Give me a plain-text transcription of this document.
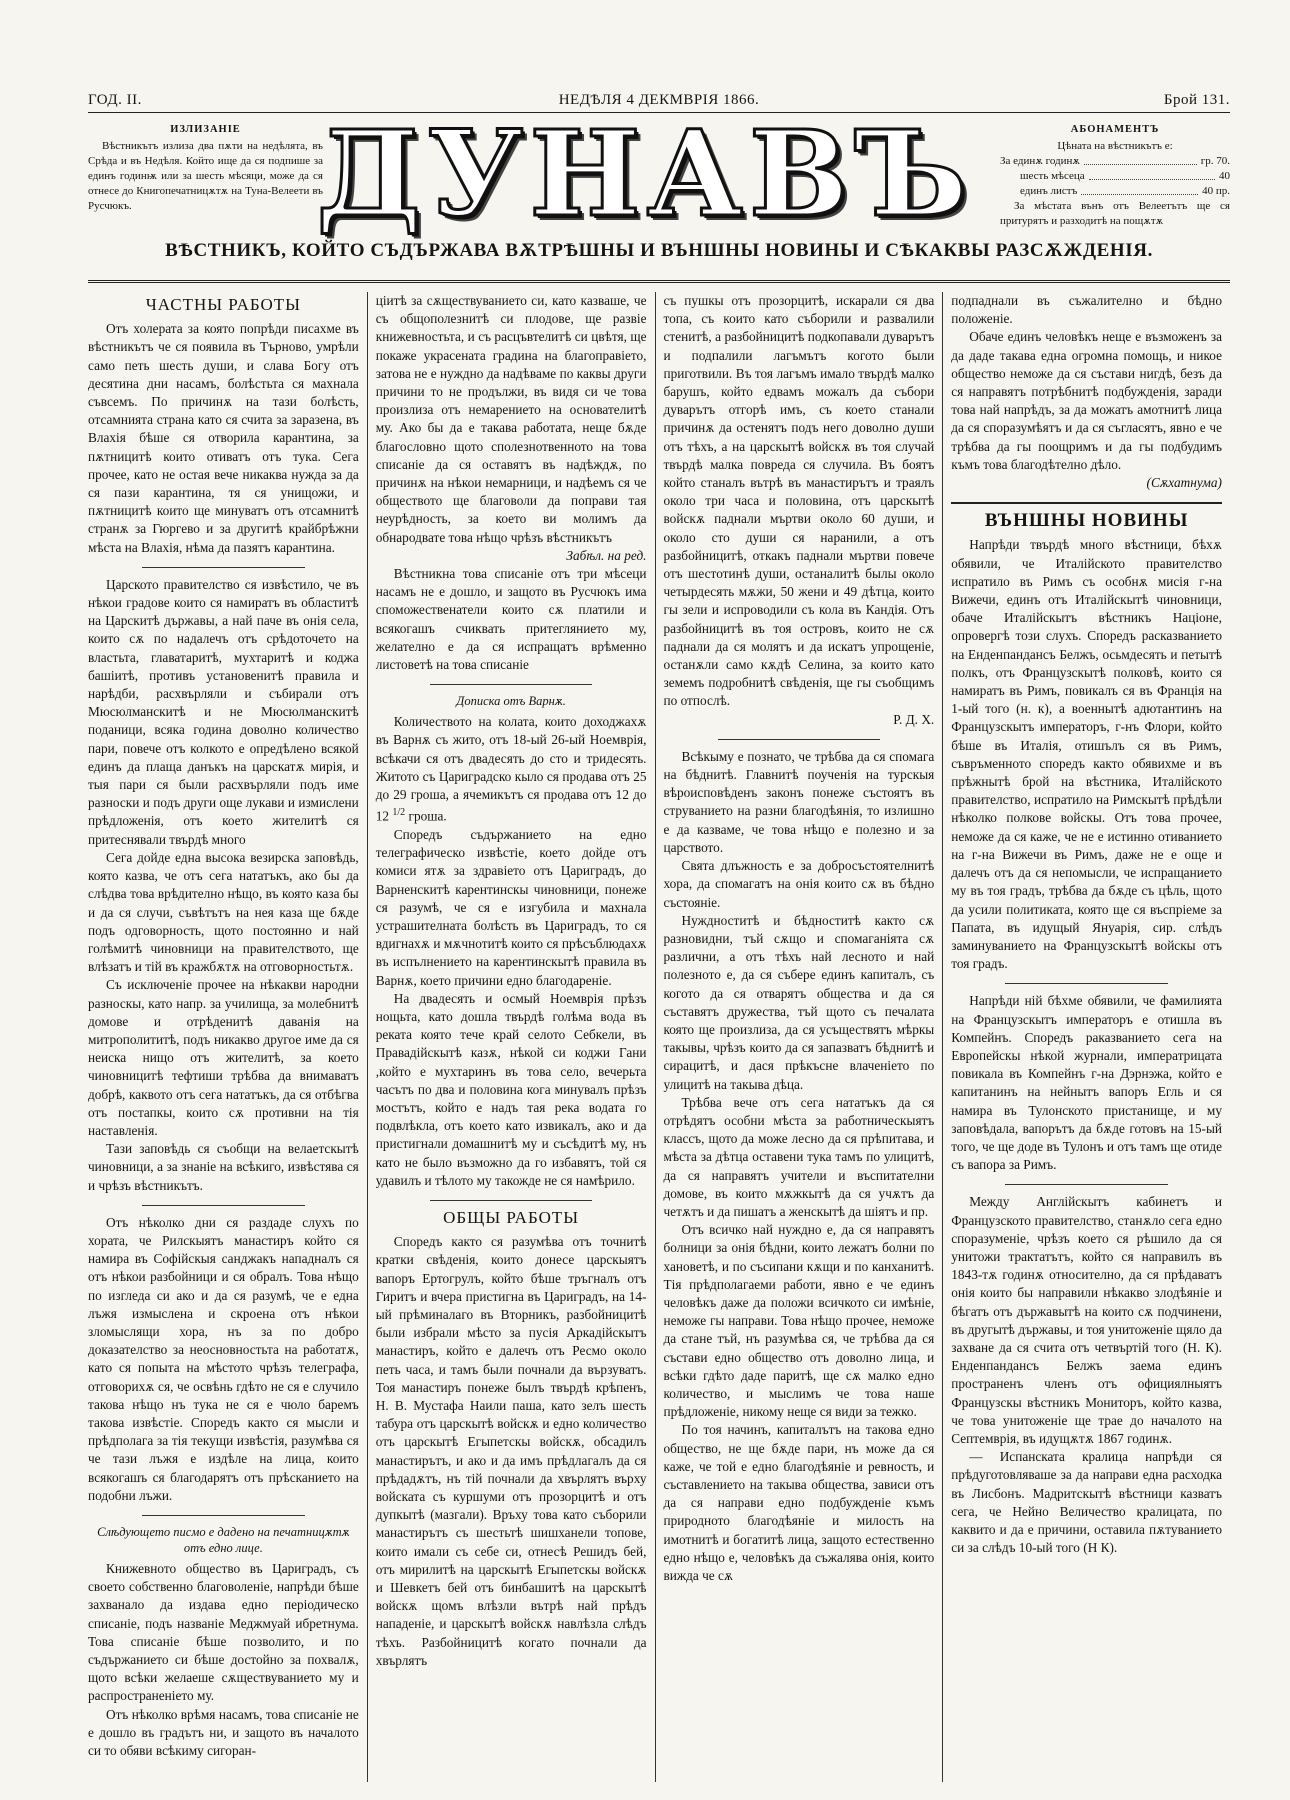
ГОД. II.	НЕДѢЛЯ 4 ДЕКМВРІЯ 1866.	Брой 131.
ИЗЛИЗАНІЕ
Вѣстникътъ излиза два пѫти на недѣлята, въ Срѣда и въ Недѣля. Който ище да ся подпише за единъ годинѭ или за шесть мѣсяци, може да ся отнесе до Книгопечатницѫтѫ на Туна-Велеети въ Русчюкъ.	ДУНАВЪ	АБОНАМЕНТЪ
Цѣната на вѣстникътъ е:
За единѫ годинѫ	гр. 70.
шесть мѣсеца	40
единъ листъ	40 пр.
За мѣстата вънъ отъ Велеетътъ ще ся притурятъ и разходитѣ на пощѫтѫ
ВѢСТНИКЪ, КОЙТО СЪДЪРЖАВА ВѪТРѢШНЫ И ВЪНШНЫ НОВИНЫ И СѢКАКВЫ РАЗСѪЖДЕНІЯ.
ЧАСТНЫ РАБОТЫ

Отъ холерата за която попрѣди писахме въ вѣстникътъ че ся появила въ Търново, умрѣли само петь шесть души, и слава Богу отъ десятина дни насамъ, болѣстьта ся махнала съвсемъ. По причинѫ на тази болѣсть, отсамнията страна като ся счита за заразена, въ Влахія бѣше ся отворила карантина, за пѫтницитѣ които отиватъ отъ тука. Сега прочее, като не остая вече никаква нужда за да ся пази карантина, тя ся унищожи, и пѫтницитѣ които ще минуватъ отъ отсамнитѣ странѫ за Гюргево и за другитѣ крайбрѣжни мѣста на Влахія, нѣма да пазятъ карантина.

Царското правителство ся извѣстило, че въ нѣкои градове които ся намиратъ въ областитѣ на Царскитѣ държавы, а най паче въ онія села, които сѫ по надалечъ отъ срѣдоточето на властьта, главатаритѣ, мухтаритѣ и коджа башіитѣ, противъ установенитѣ правила и нарѣдби, расхвърляли и събирали отъ Мюсюлманскитѣ и не Мюсюлманскитѣ поданици, всяка година доволно количество пари, повече отъ колкото е опредѣлено всякой единъ да плаща данъкъ на царскатѫ мирія, и тыя пари ся были расхвърляли подъ име разноски и подъ други още лукави и измислени прѣдложенія, отъ което жителитѣ ся притеснявали твърдѣ много

Сега дойде една высока везирска заповѣдь, която казва, че отъ сега нататъкъ, ако бы да слѣдва това врѣдително нѣщо, въ която каза бы и да ся случи, съвѣтътъ на нея каза ще бѫде подъ одговорность, щото постоянно и най голѣмитѣ чиновници на правителството, ще влѣзатъ и тій въ кражбѫтѫ на отговорностьтѫ.

Съ исключеніе прочее на нѣкакви народни разноскы, като напр. за училища, за молебнитѣ домове и отрѣденитѣ даванія на митрополититѣ, подъ никакво другое име да ся неиска нищо отъ жителитѣ, за което чиновницитѣ тефтиши трѣбва да внимаватъ добрѣ, каквото отъ сега нататъкъ, да ся отбѣгва отъ постапкы, които сѫ противни на тія наставленія.

Тази заповѣдь ся съобщи на велаетскытѣ чиновници, а за знаніе на всѣкиго, извѣстява ся и чрѣзъ вѣстникътъ.

Отъ нѣколко дни ся раздаде слухъ по хората, че Рилскыятъ манастиръ който ся намира въ Софійскыя санджакъ нападналъ ся отъ нѣкои разбойници и ся обралъ. Това нѣщо по изгледа си ако и да ся разумѣ, че е една лъжя измыслена и скроена отъ нѣкои зломыслящи хора, нъ за по добро доказателство за неосновностьта на работатѫ, като ся попыта на мѣстото чрѣзъ телеграфа, отговорихѫ ся, че освѣнь гдѣто не ся е случило такова нѣщо нъ тука не ся е чюло баремъ такова извѣстіе. Споредъ както ся мысли и прѣдполага за тія текущи извѣстія, разумѣва ся че тази лъжя е издѣле на лица, които всякогашъ ся благодарятъ отъ прѣсканието на подобни лъжи.

Слѣдующето писмо е дадено на печатницѫтѫ отъ едно лице.

Книжевното общество въ Цариградъ, съ своето собственно благоволеніе, напрѣди бѣше захванало да издава едно періодическо списаніе, подъ названіе Меджмуай ибретнума. Това списаніе бѣше позволито, и по съдържанието си бѣше достойно за похвалѫ, щото всѣки желаеше сѫществуванието му и распространеніето му.

Отъ нѣколко врѣмя насамъ, това списаніе не е дошло въ градътъ ни, и защото въ началото си то обяви всѣкиму сигоран-

цiитѣ за сѫществуванието си, като казваше, че съ общополезнитѣ си плодове, ще развіе книжевностьта, и съ расцъвтелитѣ си цвѣтя, ще покаже украсената градина на благоправіето, затова не е нуждно да надѣваме по каквы други причини то не продължи, въ видя си че това произлиза отъ немарението на основателитѣ му. Ако бы да е такава работата, неще бѫде благословно щото сполезнотвенното на това списаніе да ся оставятъ въ надѣждѫ, по причинѫ на нѣкои немарници, и надѣемъ ся че обществото ще благоволи да поправи тая неурѣдность, за което ви молимъ да обнародвате това нѣщо чрѣзъ вѣстникътъ

Забѣл. на ред.

Вѣстникна това списаніе отъ три мѣсеци насамъ не е дошло, и защото въ Русчюкъ има споможественатели които сѫ платили и всякогашъ счиквать притеглянието му, желателно е да ся испращатъ врѣменно листоветѣ на това списаніе

Дописка отъ Варнѫ.

Количеството на колата, които доходжахѫ въ Варнѫ съ жито, отъ 18-ый 26-ый Ноемврія, всѣкачи ся отъ двадесять до сто и тридесять. Житото съ Цариградско кыло ся продава отъ 25 до 29 гроша, а ячемикътъ ся продава отъ 12 до 12 $^{1/2}$ гроша.

Споредъ съдържанието на едно телеграфическо извѣстіе, което дойде отъ комиси ятѫ за здравіето отъ Цариградъ, до Варненскитѣ карентинскы чиновници, понеже ся разумѣ, че ся е изгубила и махнала устрашителната болѣсть въ Цариградъ, то ся вдигнахѫ и мѫчнотитѣ които ся прѣсъблюдахѫ въ испълнението на карентинскытѣ правила въ Варнѫ, което причини едно благодареніе.

На двадесять и осмый Ноемврія прѣзъ нощьта, като дошла твърдѣ голѣма вода въ реката която тече край селото Себкели, въ Правадійскытѣ казѫ, нѣкой си коджи Гани ,който е мухтаринъ въ това село, вечерьта часътъ по два и половина кога минувалъ прѣзъ мостътъ, който е надъ тая река водата го подвлѣкла, отъ което като извикалъ, ако и да пристигнали домашнитѣ му и съсѣдитѣ му, нъ като не было възможно да го избавятъ, той ся удавилъ и тѣлото му такожде не ся намѣрило.

ОБЩЫ РАБОТЫ

Споредъ както ся разумѣва отъ точнитѣ кратки свѣденія, които донесе царскыятъ вапоръ Ертогрулъ, който бѣше тръгналъ отъ Гиритъ и вчера пристигна въ Цариградъ, на 14-ый прѣминалаго въ Вторникъ, разбойницитѣ были избрали мѣсто за пусія Аркадійскытъ манастиръ, който е далечъ отъ Ресмо около петь часа, и тамъ были почнали да вързуватъ. Тоя манастиръ понеже былъ твърдѣ крѣпенъ, Н. В. Мустафа Наили паша, като зелъ шесть табура отъ царскытѣ войскѫ и едно количество отъ царскытѣ Егыпетскы войскѫ, обсадилъ манастирътъ, и ако и да имъ прѣдлагалъ да ся прѣдадѫтъ, нъ тій почнали да хвърлятъ върху войската съ куршуми отъ прозорцитѣ и отъ дупкытѣ (мазгали). Връху това като съборили манастирътъ съ шестьтѣ шишханели топове, които имали съ себе си, отнесѣ Решидъ бей, отъ мирилитѣ на царскытѣ Егыпетскы войскѫ и Шевкетъ бей отъ бинбашитѣ на царскытѣ войскѫ щомъ влѣзли вътрѣ най прѣдъ нападеніе, и царскытѣ войскѫ навлѣзла слѣдъ тѣхъ. Разбойницитѣ когато почнали да хвърлятъ

съ пушкы отъ прозорцитѣ, искарали ся два топа, съ които като съборили и развалили стенитѣ, а разбойницитѣ подкопавали дуварътъ и подпалили лагъмътъ когото были приготвили. Въ тоя лагъмъ имало твърдѣ малко барушъ, който едвамъ можалъ да събори дуварътъ отгорѣ имъ, съ което станали причинѫ да остенятъ подъ него доволно души отъ тѣхъ, а на царскытѣ войскѫ въ тоя случай твърдѣ малка повреда ся случила. Въ боятъ който станалъ вътрѣ въ манастирътъ и траялъ около три часа и половина, отъ царскытѣ войскѫ паднали мъртви около 60 души, и около сто души ся наранили, а отъ разбойницитѣ, откакъ паднали мъртви повече отъ шестотинѣ души, останалитѣ былы около четырдесять мѫжи, 50 жени и 49 дѣтца, които гы зели и испроводили съ кола въ Кандія. Отъ разбойницитѣ въ тоя островъ, които не сѫ паднали да ся молятъ и да искатъ упрощеніе, останѫли само кѫдѣ Селина, за които като земемъ подробнитѣ свѣденія, ще гы съобщимъ по отпослѣ.

Р. Д. Х.

Всѣкыму е познато, че трѣбва да ся спомага на бѣднитѣ. Главнитѣ поученія на турскыя вѣроисповѣденъ законъ понеже състоятъ въ струванието на разни благодѣянія, то излишно е да казваме, че това нѣщо е полезно и за царството.

Свята длъжность е за добросъстоятелнитѣ хора, да спомагатъ на онія които сѫ въ бѣдно състояніе.

Нуждноститѣ и бѣдноститѣ както сѫ разновидни, тъй сѫщо и спомаганіята сѫ различни, а отъ тѣхъ най лесното и най полезното е, да ся събере единъ капиталъ, съ когото да ся отварятъ общества и да ся съставятъ дружества, тъй щото съ печалата която ще произлиза, да ся усъществятъ мѣркы такывы, чрѣзъ които да ся запазватъ бѣднитѣ и сирацитѣ, и дася прѣкъсне влаченіето по улицитѣ на такыва дѣца.

Трѣбва вече отъ сега нататъкъ да ся отрѣдятъ особни мѣста за работническыятъ классъ, щото да може лесно да ся прѣпитава, и мѣста за дѣтца оставени тука тамъ по улицитѣ, да ся направятъ учители и въспитателни домове, въ които мѫжкытѣ да ся учѫтъ да четѫтъ и да пишатъ а женскытѣ да шіятъ и пр.

Отъ всичко най нуждно е, да ся направятъ болници за онія бѣдни, които лежатъ болни по хановетѣ, и по съсипани кѫщи и по канханитѣ. Тія прѣдполагаеми работи, явно е че единъ человѣкъ даже да положи всичкото си имѣніе, неможе гы направи. Това нѣщо прочее, неможе да стане тъй, нъ разумѣва ся, че трѣбва да ся състави едно общество отъ доволно лица, и всѣки гдѣто даде паритѣ, ще сѫ малко едно количество, и мыслимъ че това наше прѣдложеніе, никому неще ся види за тежко.

По тоя начинъ, капиталътъ на такова едно общество, не ще бѫде пари, нъ може да ся каже, че той е едно благодѣяніе и ревность, и съставлението на такыва общества, зависи отъ да ся направи едно подбужденіе къмъ природното благодѣяніе и милость на имотнитѣ и богатитѣ лица, защото естественно едно нѣщо е, человѣкъ да съжалява онія, които вижда че сѫ

подпаднали въ съжалително и бѣдно положеніе.

Обаче единъ человѣкъ неще е възможенъ за да даде такава една огромна помощь, и никое общество неможе да ся състави нигдѣ, безъ да ся направятъ потрѣбнитѣ подбужденія, заради това най напрѣдъ, за да можатъ амотнитѣ лица да ся споразумѣятъ и да ся съгласятъ, явно е че трѣбва да гы поощримъ и да гы подбудимъ къмъ това благодѣтелно дѣло.

(Сѫхатнума)
ВЪНШНЫ НОВИНЫ

Напрѣди твърдѣ много вѣстници, бѣхѫ обявили, че Италійското правителство испратило въ Римъ съ особнѫ мисія г-на Вижечи, единъ отъ Италійскытѣ чиновници, обаче Италійскытъ вѣстникъ Націоне, опровергѣ този слухъ. Споредъ расказванието на Енденпандансъ Белжъ, осьмдесять и петытѣ полкъ, отъ Французскытѣ полковѣ, които ся намиратъ въ Римъ, повикалъ ся въ Франція на 1-ый того (н. к), а военнытѣ адютантинъ на Французскытъ императоръ, г-нъ Флори, който бѣше въ Италія, отишълъ ся въ Римъ, съвръменното споредъ както обявихме и въ прѣжнытѣ брой на вѣстника, Италійското правителство, испратило на Римскытѣ прѣдѣли нѣколко полкове войскы. Отъ това прочее, неможе да ся каже, че не е истинно отиванието на г-на Вижечи въ Римъ, даже не е още и далечъ отъ да ся непомысли, че испращанието му въ тоя градъ, трѣбва да бѫде съ цѣль, щото да усили политиката, която ще ся въспріеме за Папата, въ идущый Януарія, сир. слѣдъ заминуванието на Французскытѣ войскы отъ тоя градъ.

Напрѣди ній бѣхме обявили, че фамилията на Французскытъ императоръ е отишла въ Компейнъ. Споредъ раказванието сега на Европейскы нѣкой журнали, императрицата повикала въ Компейнъ г-на Дэрнэжа, който е капитанинъ на нейнытъ вапоръ Егль и ся намира въ Тулонското пристанище, и му заповѣдала, вапорътъ да бѫде готовъ на 15-ый того, че ще доде въ Тулонъ и отъ тамъ ще отиде съ вапора за Римъ.

Между Англійскытъ кабинетъ и Французското правителство, станѫло сега едно споразуменіе, чрѣзъ което ся рѣшило да ся унитожи трактатътъ, който ся направилъ въ 1843-тѫ годинѫ относително, да ся прѣдаватъ онія които бы направили нѣкакво злодѣяніе и бѣгатъ отъ държавытѣ на които сѫ подчинени, въ другытѣ държавы, и тоя унитоженіе щяло да захване да ся счита отъ четвъртій того (Н. К). Енденпандансъ Белжъ заема единъ пространенъ членъ отъ официялныятъ Французскы вѣстникъ Мониторъ, който казва, че това унитоженіе ще трае до началото на Септемврія, въ идущѫтѫ 1867 годинѫ.

— Испанската кралица напрѣди ся прѣдуготовляваше за да направи една расходка въ Лисбонъ. Мадритскытѣ вѣстници казватъ сега, че Нейно Величество кралицата, по каквито и да е причини, оставила пѫтуванието си за слѣдъ 10-ый того (Н К).
